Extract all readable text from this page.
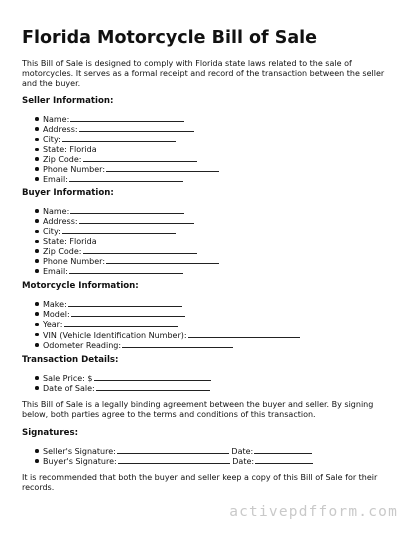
Florida Motorcycle Bill of Sale

This Bill of Sale is designed to comply with Florida state laws related to the sale of motorcycles. It serves as a formal receipt and record of the transaction between the seller and the buyer.

Seller Information:

Name:
Address:
City:
State: Florida
Zip Code:
Phone Number:
Email:

Buyer Information:

Name:
Address:
City:
State: Florida
Zip Code:
Phone Number:
Email:

Motorcycle Information:

Make:
Model:
Year:
VIN (Vehicle Identification Number):
Odometer Reading:

Transaction Details:

Sale Price: $
Date of Sale:

This Bill of Sale is a legally binding agreement between the buyer and seller. By signing below, both parties agree to the terms and conditions of this transaction.

Signatures:

Seller's Signature:	Date:
Buyer's Signature:	Date:

It is recommended that both the buyer and seller keep a copy of this Bill of Sale for their records.

activepdfform.com
